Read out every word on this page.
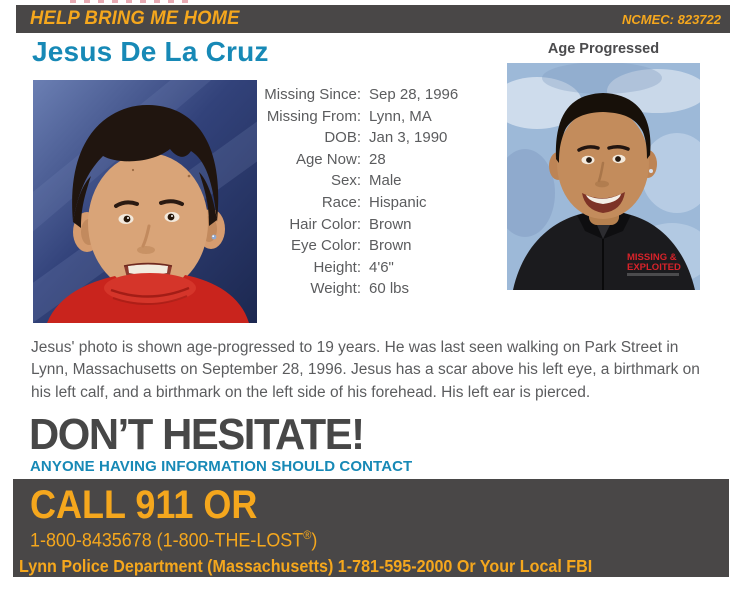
HELP BRING ME HOME	NCMEC: 823722
Jesus De La Cruz	Age Progressed
Missing Since: Sep 28, 1996
Missing From: Lynn, MA
DOB: Jan 3, 1990
Age Now: 28
Sex: Male
Race: Hispanic
Hair Color: Brown
Eye Color: Brown
Height: 4'6"
Weight: 60 lbs
MISSING &
EXPLOITED
Jesus' photo is shown age-progressed to 19 years. He was last seen walking on Park Street in Lynn, Massachusetts on September 28, 1996. Jesus has a scar above his left eye, a birthmark on his left calf, and a birthmark on the left side of his forehead. His left ear is pierced.
DON’T HESITATE!
ANYONE HAVING INFORMATION SHOULD CONTACT
CALL 911 OR
1-800-8435678 (1-800-THE-LOST®)
Lynn Police Department (Massachusetts) 1-781-595-2000 Or Your Local FBI
